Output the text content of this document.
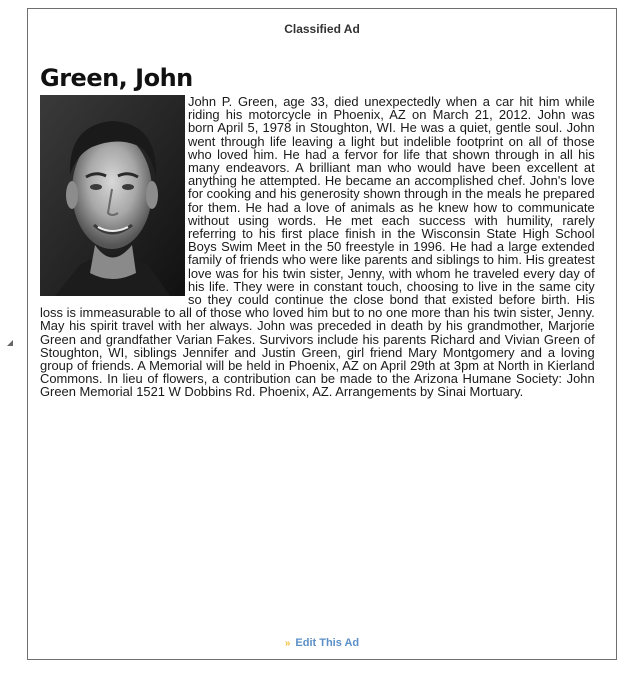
Classified Ad
Green, John

John P. Green, age 33, died unexpectedly when a car hit him while riding his motorcycle in Phoenix, AZ on March 21, 2012. John was born April 5, 1978 in Stoughton, WI. He was a quiet, gentle soul. John went through life leaving a light but indelible footprint on all of those who loved him. He had a fervor for life that shown through in all his many endeavors. A brilliant man who would have been excellent at anything he attempted. He became an accomplished chef. John's love for cooking and his generosity shown through in the meals he prepared for them. He had a love of animals as he knew how to communicate without using words. He met each success with humility, rarely referring to his first place finish in the Wisconsin State High School Boys Swim Meet in the 50 freestyle in 1996. He had a large extended family of friends who were like parents and siblings to him. His greatest love was for his twin sister, Jenny, with whom he traveled every day of his life. They were in constant touch, choosing to live in the same city so they could continue the close bond that existed before birth. His loss is immeasurable to all of those who loved him but to no one more than his twin sister, Jenny. May his spirit travel with her always. John was preceded in death by his grandmother, Marjorie Green and grandfather Varian Fakes. Survivors include his parents Richard and Vivian Green of Stoughton, WI, siblings Jennifer and Justin Green, girl friend Mary Montgomery and a loving group of friends. A Memorial will be held in Phoenix, AZ on April 29th at 3pm at North in Kierland Commons. In lieu of flowers, a contribution can be made to the Arizona Humane Society: John Green Memorial 1521 W Dobbins Rd. Phoenix, AZ. Arrangements by Sinai Mortuary.

» Edit This Ad
